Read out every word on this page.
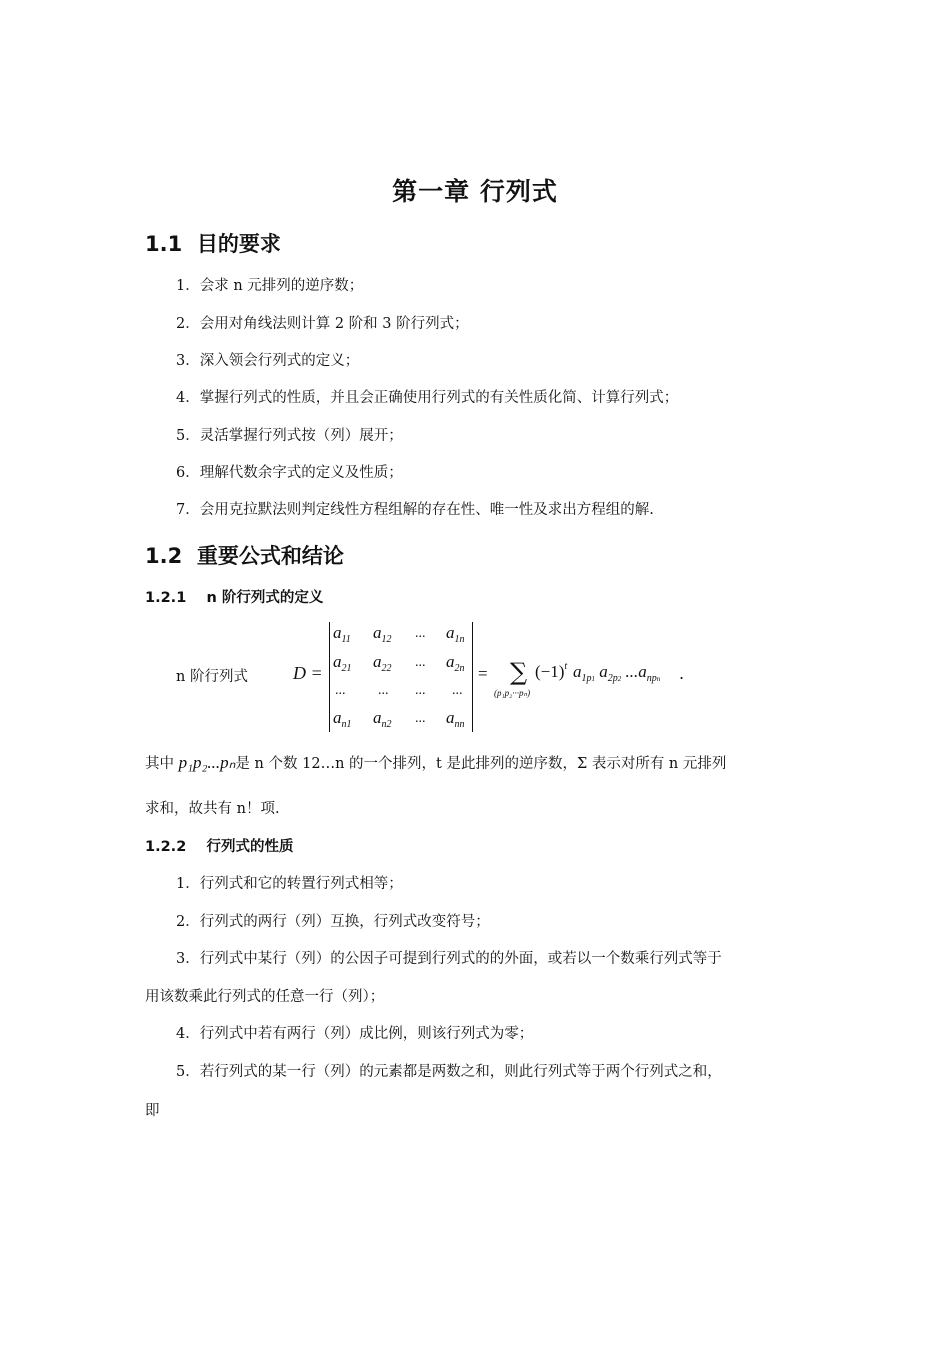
第一章 行列式
1.1 目的要求
1．会求 n 元排列的逆序数；
2．会用对角线法则计算 2 阶和 3 阶行列式；
3．深入领会行列式的定义；
4．掌握行列式的性质，并且会正确使用行列式的有关性质化简、计算行列式；
5．灵活掌握行列式按（列）展开；
6．理解代数余字式的定义及性质；
7．会用克拉默法则判定线性方程组解的存在性、唯一性及求出方程组的解.
1.2 重要公式和结论
1.2.1 n 阶行列式的定义
n 阶行列式	D =
$a_{11}$ $a_{12}$ ... $a_{1n}$
$a_{21}$ $a_{22}$ ... $a_{2n}$
... ... ... ...
$a_{n1}$ $a_{n2}$ ... $a_{nn}$
= ∑
(p₁p₂···pₙ)
$(-1)^t$ $a_{1p1}$ $a_{2p2}$ $...a_{npn}$ .
其中 p₁p₂...pₙ是 n 个数 12…n 的一个排列，t 是此排列的逆序数，Σ 表示对所有 n 元排列
求和，故共有 n！项.
1.2.2 行列式的性质
1．行列式和它的转置行列式相等；
2．行列式的两行（列）互换，行列式改变符号；
3．行列式中某行（列）的公因子可提到行列式的的外面，或若以一个数乘行列式等于
用该数乘此行列式的任意一行（列）；
4．行列式中若有两行（列）成比例，则该行列式为零；
5．若行列式的某一行（列）的元素都是两数之和，则此行列式等于两个行列式之和，
即
